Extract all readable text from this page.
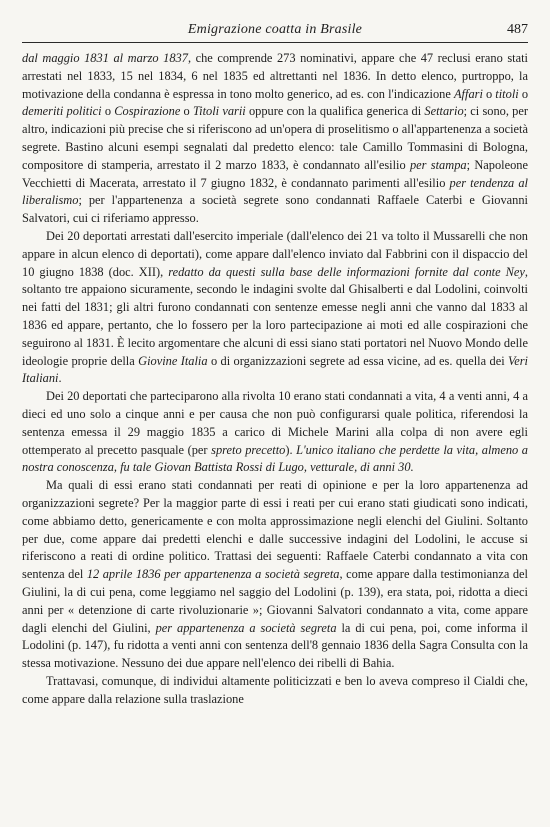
Emigrazione coatta in Brasile	487

dal maggio 1831 al marzo 1837, che comprende 273 nominativi, appare che 47 reclusi erano stati arrestati nel 1833, 15 nel 1834, 6 nel 1835 ed altrettanti nel 1836. In detto elenco, purtroppo, la motivazione della condanna è espressa in tono molto generico, ad es. con l'indicazione Affari o titoli o demeriti politici o Cospirazione o Titoli varii oppure con la qualifica generica di Settario; ci sono, per altro, indicazioni più precise che si riferiscono ad un'opera di proselitismo o all'appartenenza a società segrete. Bastino alcuni esempi segnalati dal predetto elenco: tale Camillo Tommasini di Bologna, compositore di stamperia, arrestato il 2 marzo 1833, è condannato all'esilio per stampa; Napoleone Vecchietti di Macerata, arrestato il 7 giugno 1832, è condannato parimenti all'esilio per tendenza al liberalismo; per l'appartenenza a società segrete sono condannati Raffaele Caterbi e Giovanni Salvatori, cui ci riferiamo appresso.

Dei 20 deportati arrestati dall'esercito imperiale (dall'elenco dei 21 va tolto il Mussarelli che non appare in alcun elenco di deportati), come appare dall'elenco inviato dal Fabbrini con il dispaccio del 10 giugno 1838 (doc. XII), redatto da questi sulla base delle informazioni fornite dal conte Ney, soltanto tre appaiono sicuramente, secondo le indagini svolte dal Ghisalberti e dal Lodolini, coinvolti nei fatti del 1831; gli altri furono condannati con sentenze emesse negli anni che vanno dal 1833 al 1836 ed appare, pertanto, che lo fossero per la loro partecipazione ai moti ed alle cospirazioni che seguirono al 1831. È lecito argomentare che alcuni di essi siano stati portatori nel Nuovo Mondo delle ideologie proprie della Giovine Italia o di organizzazioni segrete ad essa vicine, ad es. quella dei Veri Italiani.

Dei 20 deportati che parteciparono alla rivolta 10 erano stati condannati a vita, 4 a venti anni, 4 a dieci ed uno solo a cinque anni e per causa che non può configurarsi quale politica, riferendosi la sentenza emessa il 29 maggio 1835 a carico di Michele Marini alla colpa di non avere egli ottemperato al precetto pasquale (per spreto precetto). L'unico italiano che perdette la vita, almeno a nostra conoscenza, fu tale Giovan Battista Rossi di Lugo, vetturale, di anni 30.

Ma quali di essi erano stati condannati per reati di opinione e per la loro appartenenza ad organizzazioni segrete? Per la maggior parte di essi i reati per cui erano stati giudicati sono indicati, come abbiamo detto, genericamente e con molta approssimazione negli elenchi del Giulini. Soltanto per due, come appare dai predetti elenchi e dalle successive indagini del Lodolini, le accuse si riferiscono a reati di ordine politico. Trattasi dei seguenti: Raffaele Caterbi condannato a vita con sentenza del 12 aprile 1836 per appartenenza a società segreta, come appare dalla testimonianza del Giulini, la di cui pena, come leggiamo nel saggio del Lodolini (p. 139), era stata, poi, ridotta a dieci anni per « detenzione di carte rivoluzionarie »; Giovanni Salvatori condannato a vita, come appare dagli elenchi del Giulini, per appartenenza a società segreta la di cui pena, poi, come informa il Lodolini (p. 147), fu ridotta a venti anni con sentenza dell'8 gennaio 1836 della Sagra Consulta con la stessa motivazione. Nessuno dei due appare nell'elenco dei ribelli di Bahia.

Trattavasi, comunque, di individui altamente politicizzati e ben lo aveva compreso il Cialdi che, come appare dalla relazione sulla traslazione
